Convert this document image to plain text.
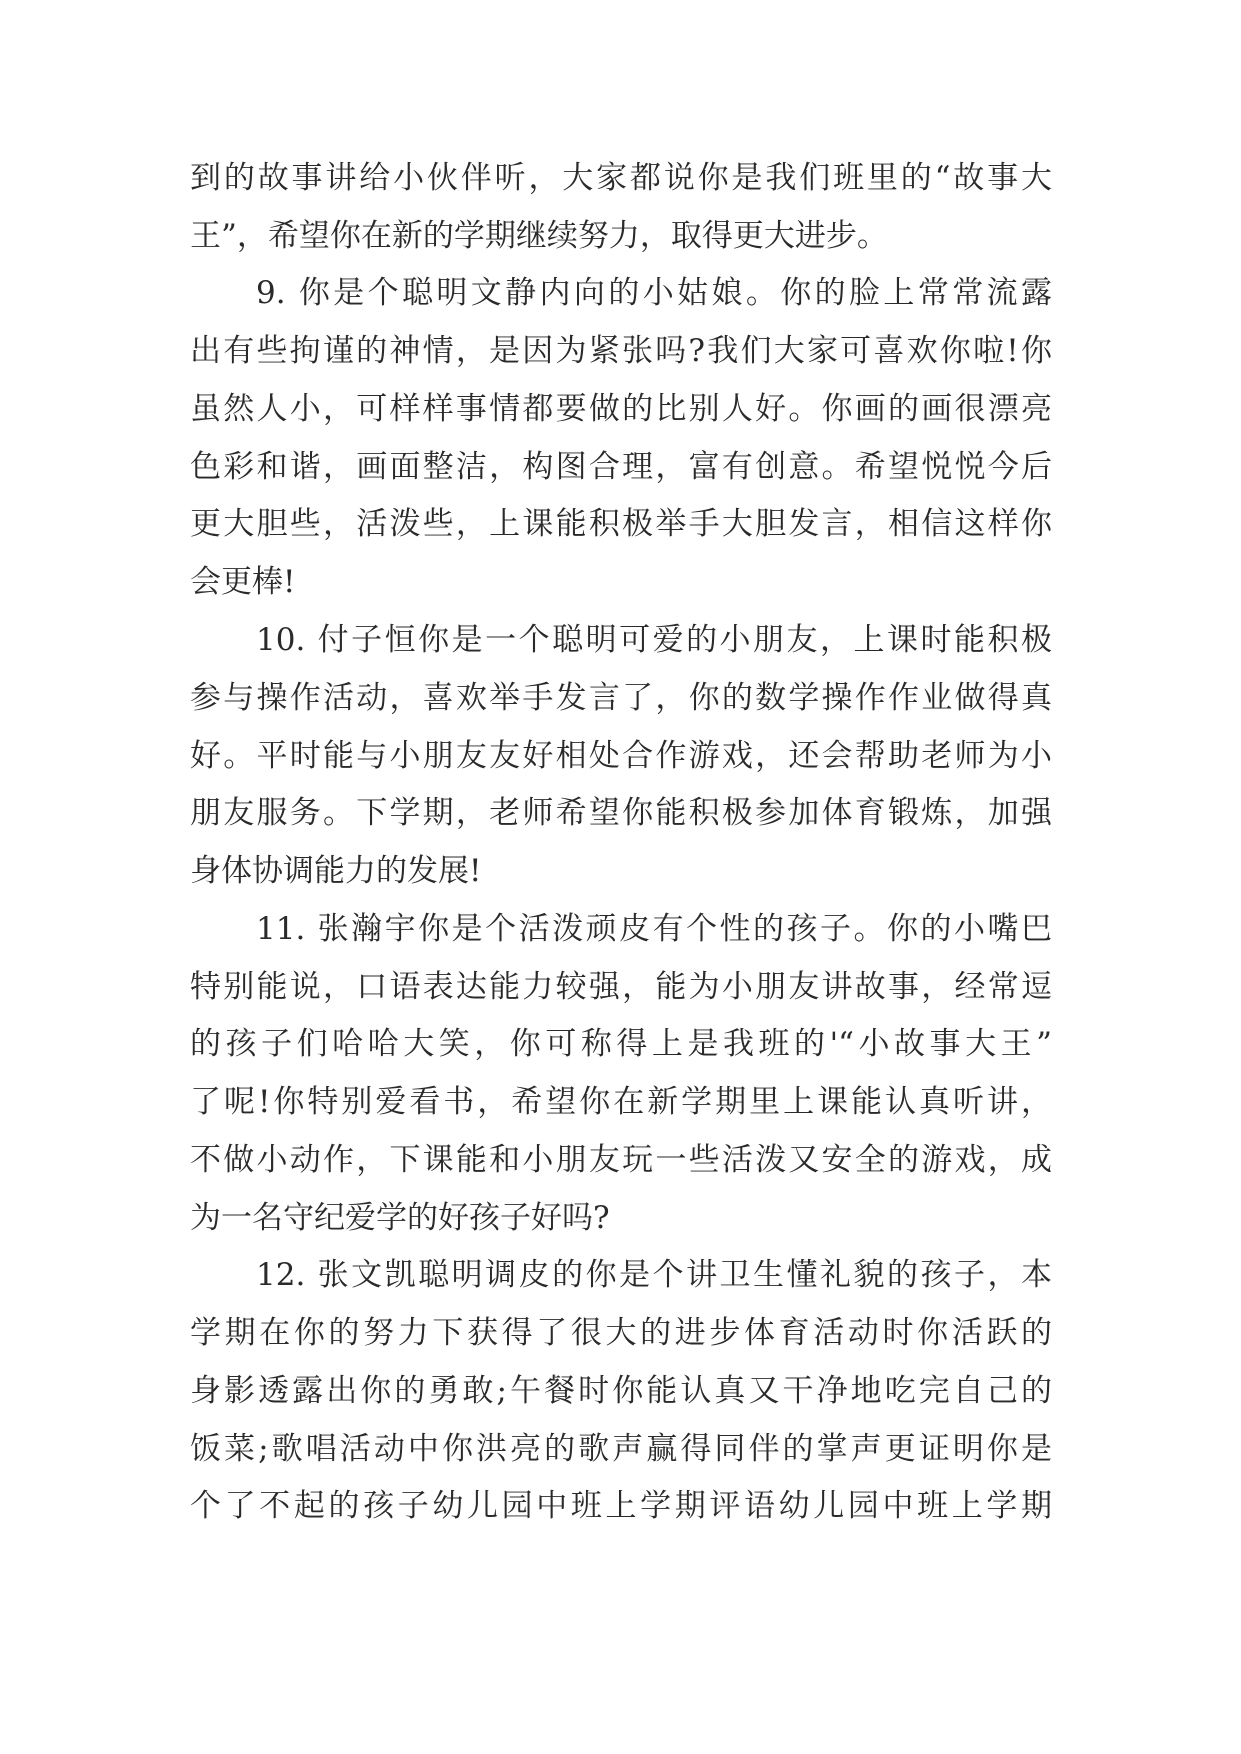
到的故事讲给小伙伴听，大家都说你是我们班里的“故事大
王”，希望你在新的学期继续努力，取得更大进步。
9. 你是个聪明文静内向的小姑娘。你的脸上常常流露
出有些拘谨的神情，是因为紧张吗?我们大家可喜欢你啦!你
虽然人小，可样样事情都要做的比别人好。你画的画很漂亮
色彩和谐，画面整洁，构图合理，富有创意。希望悦悦今后
更大胆些，活泼些，上课能积极举手大胆发言，相信这样你
会更棒!
10. 付子恒你是一个聪明可爱的小朋友，上课时能积极
参与操作活动，喜欢举手发言了，你的数学操作作业做得真
好。平时能与小朋友友好相处合作游戏，还会帮助老师为小
朋友服务。下学期，老师希望你能积极参加体育锻炼，加强
身体协调能力的发展!
11. 张瀚宇你是个活泼顽皮有个性的孩子。你的小嘴巴
特别能说，口语表达能力较强，能为小朋友讲故事，经常逗
的孩子们哈哈大笑，你可称得上是我班的'“小故事大王”
了呢!你特别爱看书，希望你在新学期里上课能认真听讲，
不做小动作，下课能和小朋友玩一些活泼又安全的游戏，成
为一名守纪爱学的好孩子好吗?
12. 张文凯聪明调皮的你是个讲卫生懂礼貌的孩子，本
学期在你的努力下获得了很大的进步体育活动时你活跃的
身影透露出你的勇敢;午餐时你能认真又干净地吃完自己的
饭菜;歌唱活动中你洪亮的歌声赢得同伴的掌声更证明你是
个了不起的孩子幼儿园中班上学期评语幼儿园中班上学期
